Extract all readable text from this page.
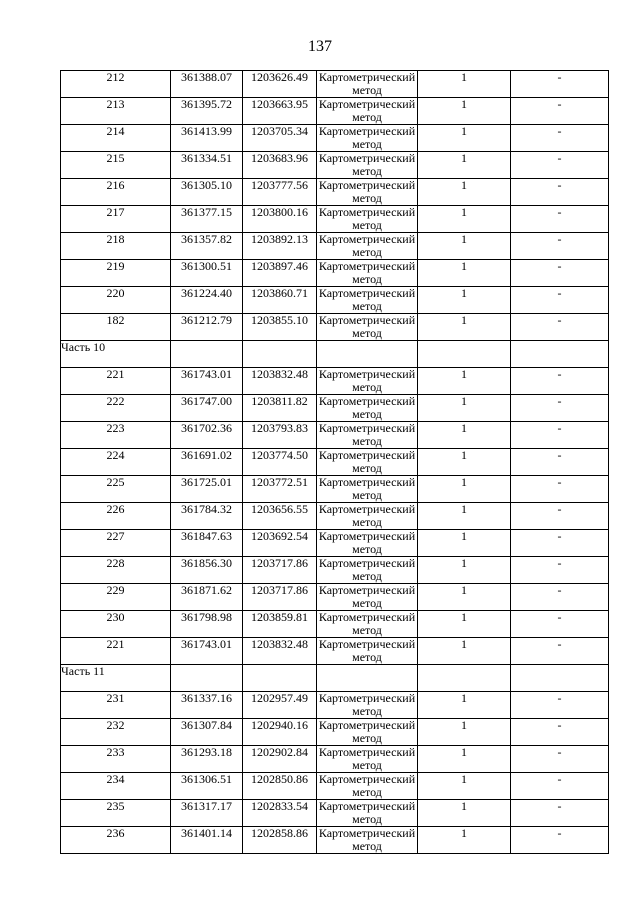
137
212	361388.07	1203626.49	Картометрический метод	1	-
213	361395.72	1203663.95	Картометрический метод	1	-
214	361413.99	1203705.34	Картометрический метод	1	-
215	361334.51	1203683.96	Картометрический метод	1	-
216	361305.10	1203777.56	Картометрический метод	1	-
217	361377.15	1203800.16	Картометрический метод	1	-
218	361357.82	1203892.13	Картометрический метод	1	-
219	361300.51	1203897.46	Картометрический метод	1	-
220	361224.40	1203860.71	Картометрический метод	1	-
182	361212.79	1203855.10	Картометрический метод	1	-
Часть 10					
221	361743.01	1203832.48	Картометрический метод	1	-
222	361747.00	1203811.82	Картометрический метод	1	-
223	361702.36	1203793.83	Картометрический метод	1	-
224	361691.02	1203774.50	Картометрический метод	1	-
225	361725.01	1203772.51	Картометрический метод	1	-
226	361784.32	1203656.55	Картометрический метод	1	-
227	361847.63	1203692.54	Картометрический метод	1	-
228	361856.30	1203717.86	Картометрический метод	1	-
229	361871.62	1203717.86	Картометрический метод	1	-
230	361798.98	1203859.81	Картометрический метод	1	-
221	361743.01	1203832.48	Картометрический метод	1	-
Часть 11					
231	361337.16	1202957.49	Картометрический метод	1	-
232	361307.84	1202940.16	Картометрический метод	1	-
233	361293.18	1202902.84	Картометрический метод	1	-
234	361306.51	1202850.86	Картометрический метод	1	-
235	361317.17	1202833.54	Картометрический метод	1	-
236	361401.14	1202858.86	Картометрический метод	1	-
